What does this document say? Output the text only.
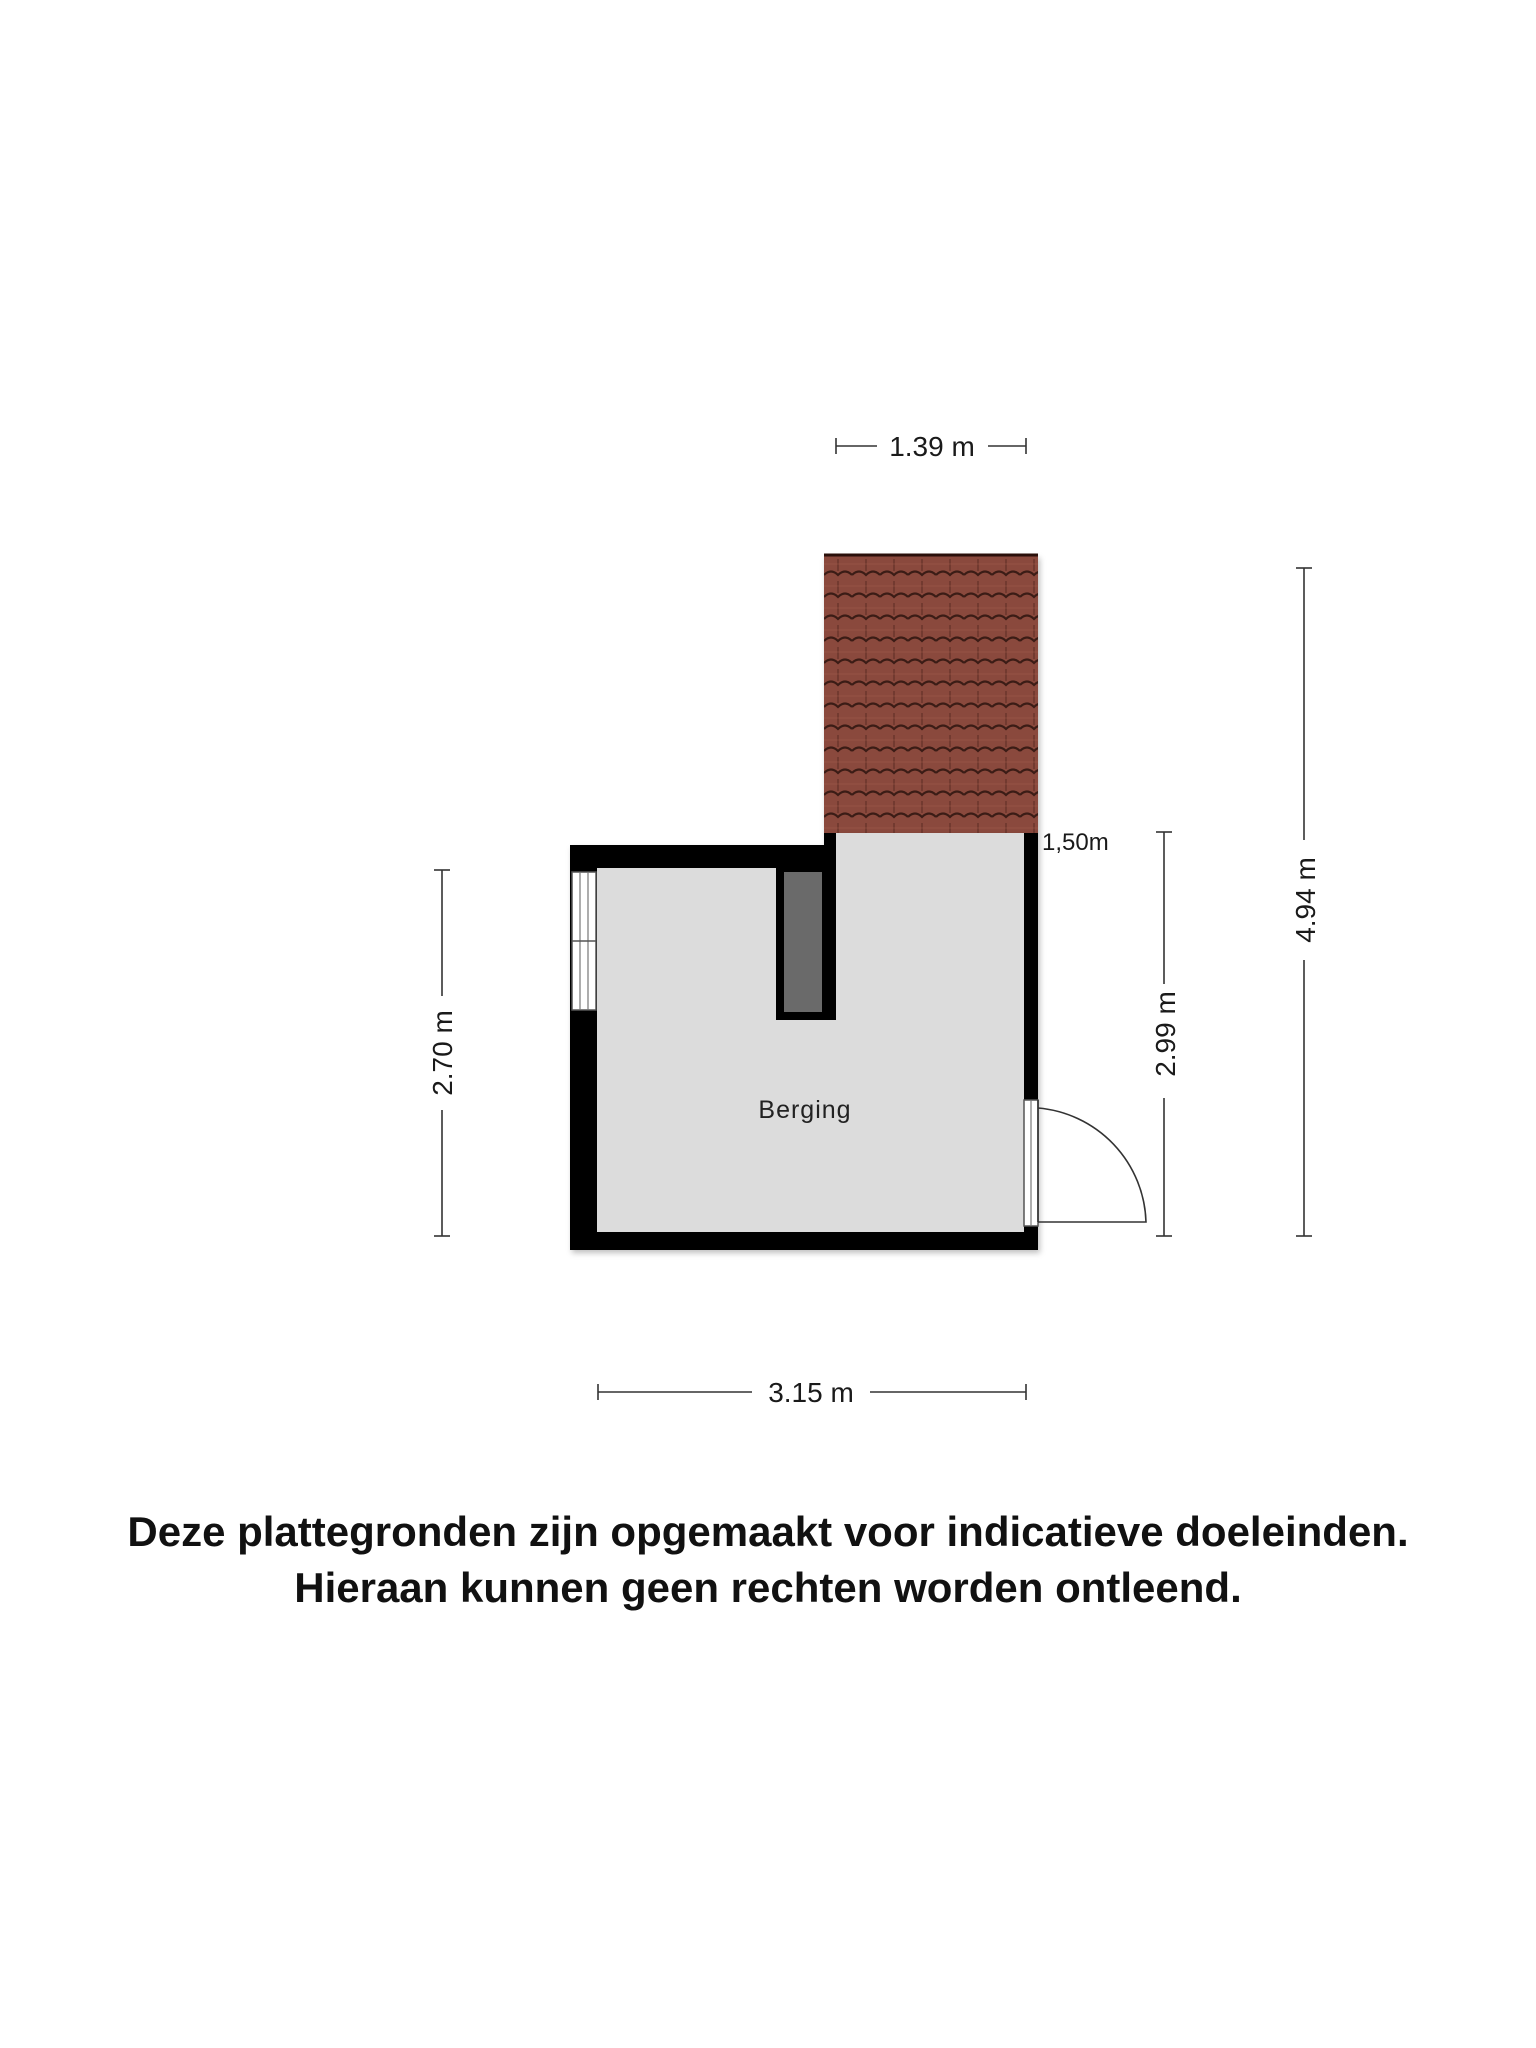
Berging
1.39 m
3.15 m
2.70 m	2.99 m
4.94 m
1,50m
Deze plattegronden zijn opgemaakt voor indicatieve doeleinden.
Hieraan kunnen geen rechten worden ontleend.
